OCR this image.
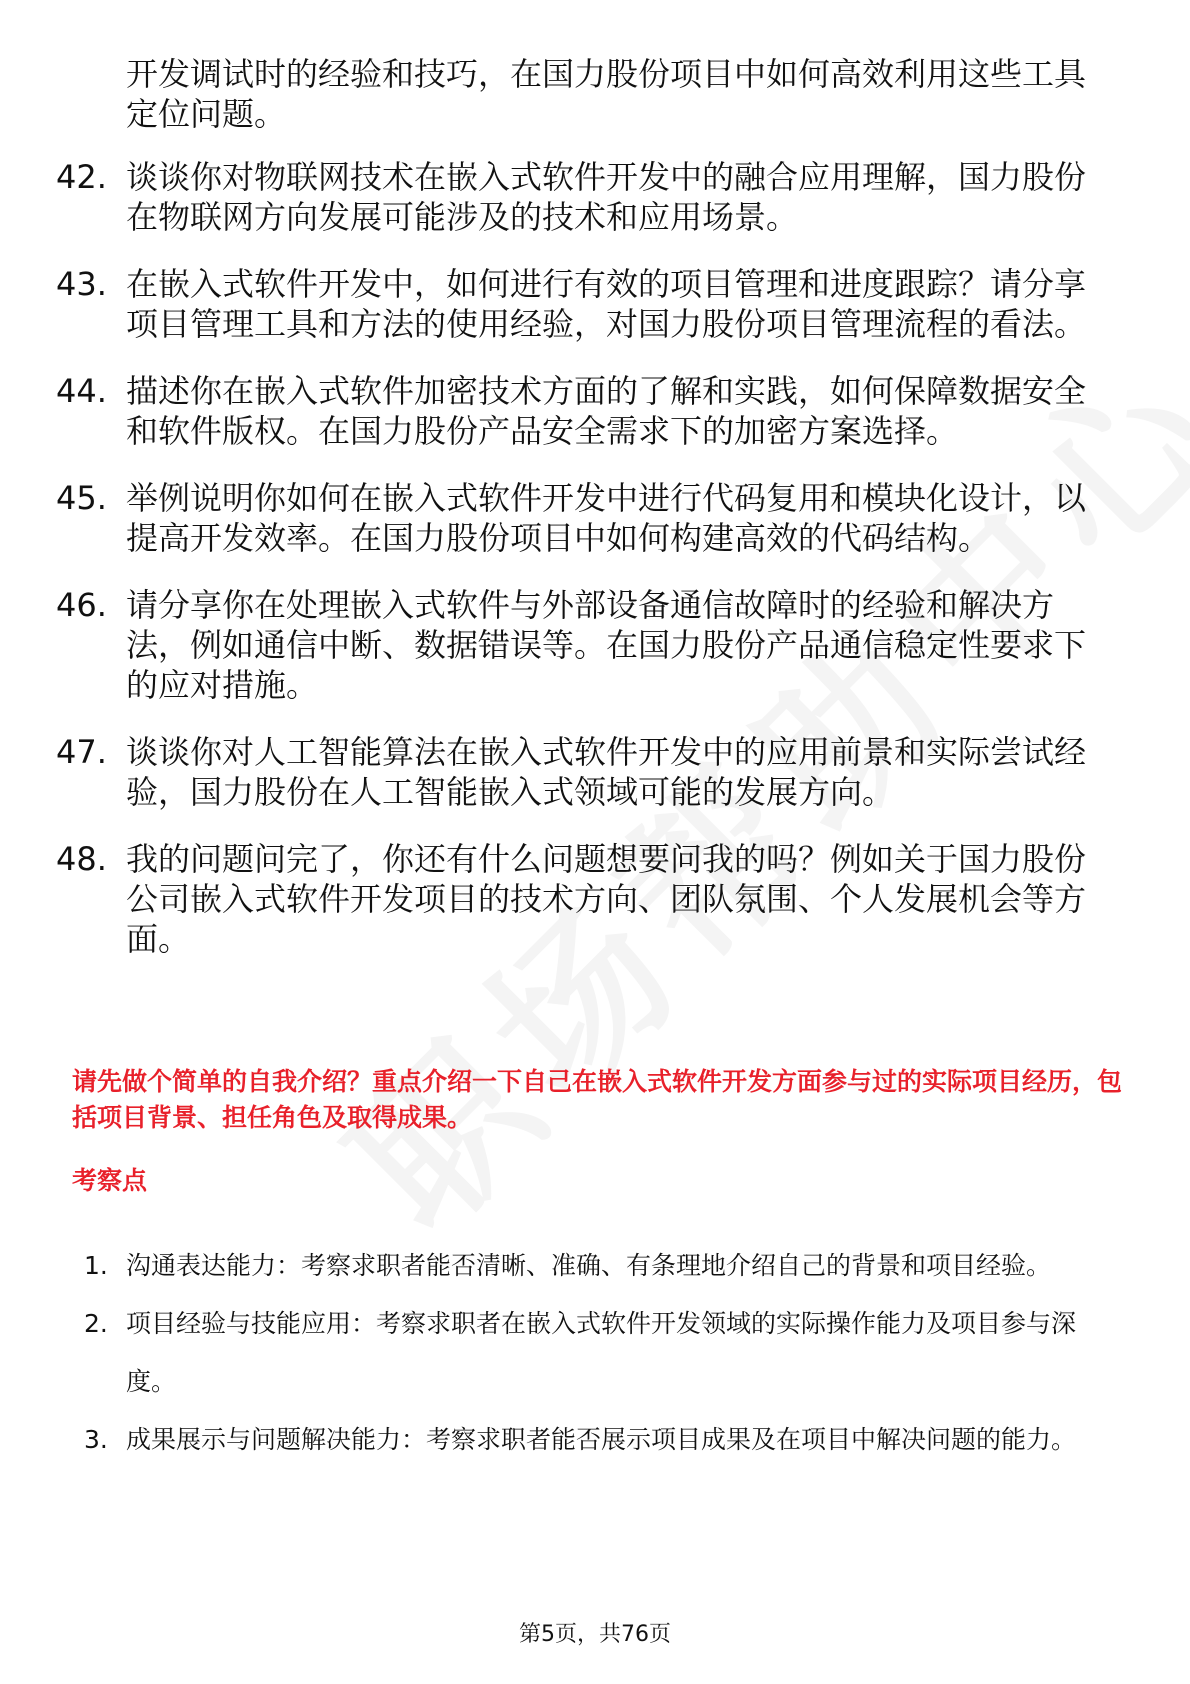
开发调试时的经验和技巧，在国力股份项目中如何高效利用这些工具定位问题。
42. 谈谈你对物联网技术在嵌入式软件开发中的融合应用理解，国力股份在物联网方向发展可能涉及的技术和应用场景。
43. 在嵌入式软件开发中，如何进行有效的项目管理和进度跟踪？请分享项目管理工具和方法的使用经验，对国力股份项目管理流程的看法。
44. 描述你在嵌入式软件加密技术方面的了解和实践，如何保障数据安全和软件版权。在国力股份产品安全需求下的加密方案选择。
45. 举例说明你如何在嵌入式软件开发中进行代码复用和模块化设计，以提高开发效率。在国力股份项目中如何构建高效的代码结构。
46. 请分享你在处理嵌入式软件与外部设备通信故障时的经验和解决方法，例如通信中断、数据错误等。在国力股份产品通信稳定性要求下的应对措施。
47. 谈谈你对人工智能算法在嵌入式软件开发中的应用前景和实际尝试经验，国力股份在人工智能嵌入式领域可能的发展方向。
48. 我的问题问完了，你还有什么问题想要问我的吗？例如关于国力股份公司嵌入式软件开发项目的技术方向、团队氛围、个人发展机会等方面。
请先做个简单的自我介绍？重点介绍一下自己在嵌入式软件开发方面参与过的实际项目经历，包括项目背景、担任角色及取得成果。
考察点
1. 沟通表达能力：考察求职者能否清晰、准确、有条理地介绍自己的背景和项目经验。
2. 项目经验与技能应用：考察求职者在嵌入式软件开发领域的实际操作能力及项目参与深度。
3. 成果展示与问题解决能力：考察求职者能否展示项目成果及在项目中解决问题的能力。
第5页，共76页
